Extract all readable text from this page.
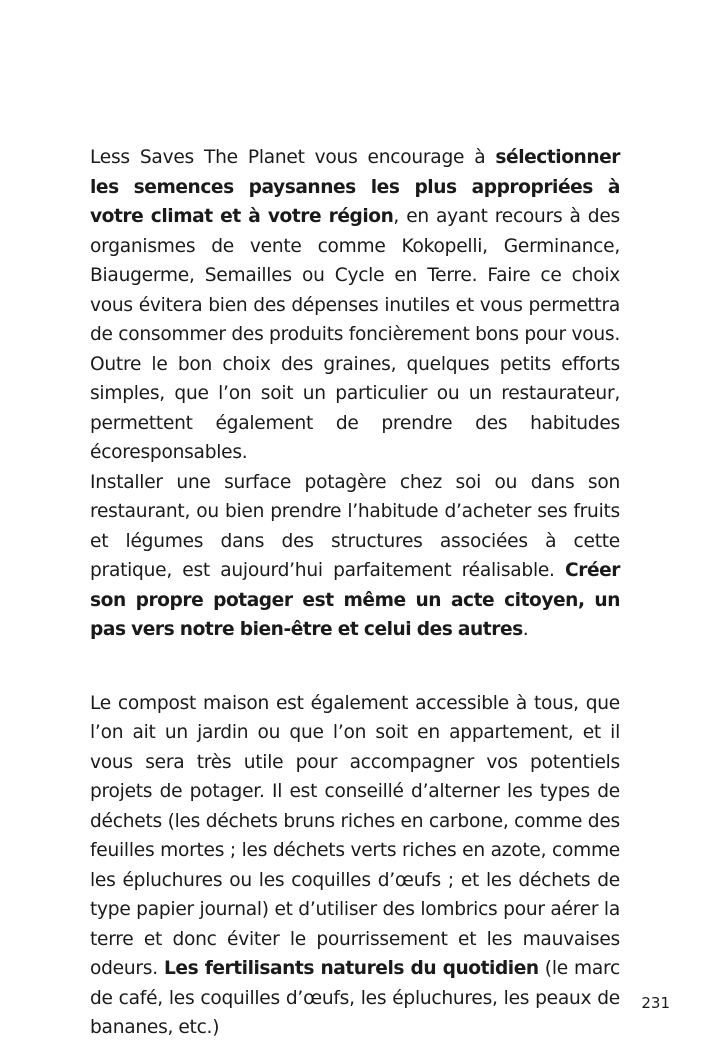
Less Saves The Planet vous encourage à sélectionner les semences paysannes les plus appropriées à votre climat et à votre région, en ayant recours à des organismes de vente comme Kokopelli, Germinance, Biaugerme, Semailles ou Cycle en Terre. Faire ce choix vous évitera bien des dépenses inutiles et vous permettra de consommer des produits foncièrement bons pour vous. Outre le bon choix des graines, quelques petits efforts simples, que l’on soit un particulier ou un restaurateur, permettent également de prendre des habitudes écoresponsables.

Installer une surface potagère chez soi ou dans son restaurant, ou bien prendre l’habitude d’acheter ses fruits et légumes dans des structures associées à cette pratique, est aujourd’hui parfaitement réalisable. Créer son propre potager est même un acte citoyen, un pas vers notre bien-être et celui des autres.

Le compost maison est également accessible à tous, que l’on ait un jardin ou que l’on soit en appartement, et il vous sera très utile pour accompagner vos potentiels projets de potager. Il est conseillé d’alterner les types de déchets (les déchets bruns riches en carbone, comme des feuilles mortes ; les déchets verts riches en azote, comme les épluchures ou les coquilles d’œufs ; et les déchets de type papier journal) et d’utiliser des lombrics pour aérer la terre et donc éviter le pourrissement et les mauvaises odeurs. Les fertilisants naturels du quotidien (le marc de café, les coquilles d’œufs, les épluchures, les peaux de bananes, etc.)

231
